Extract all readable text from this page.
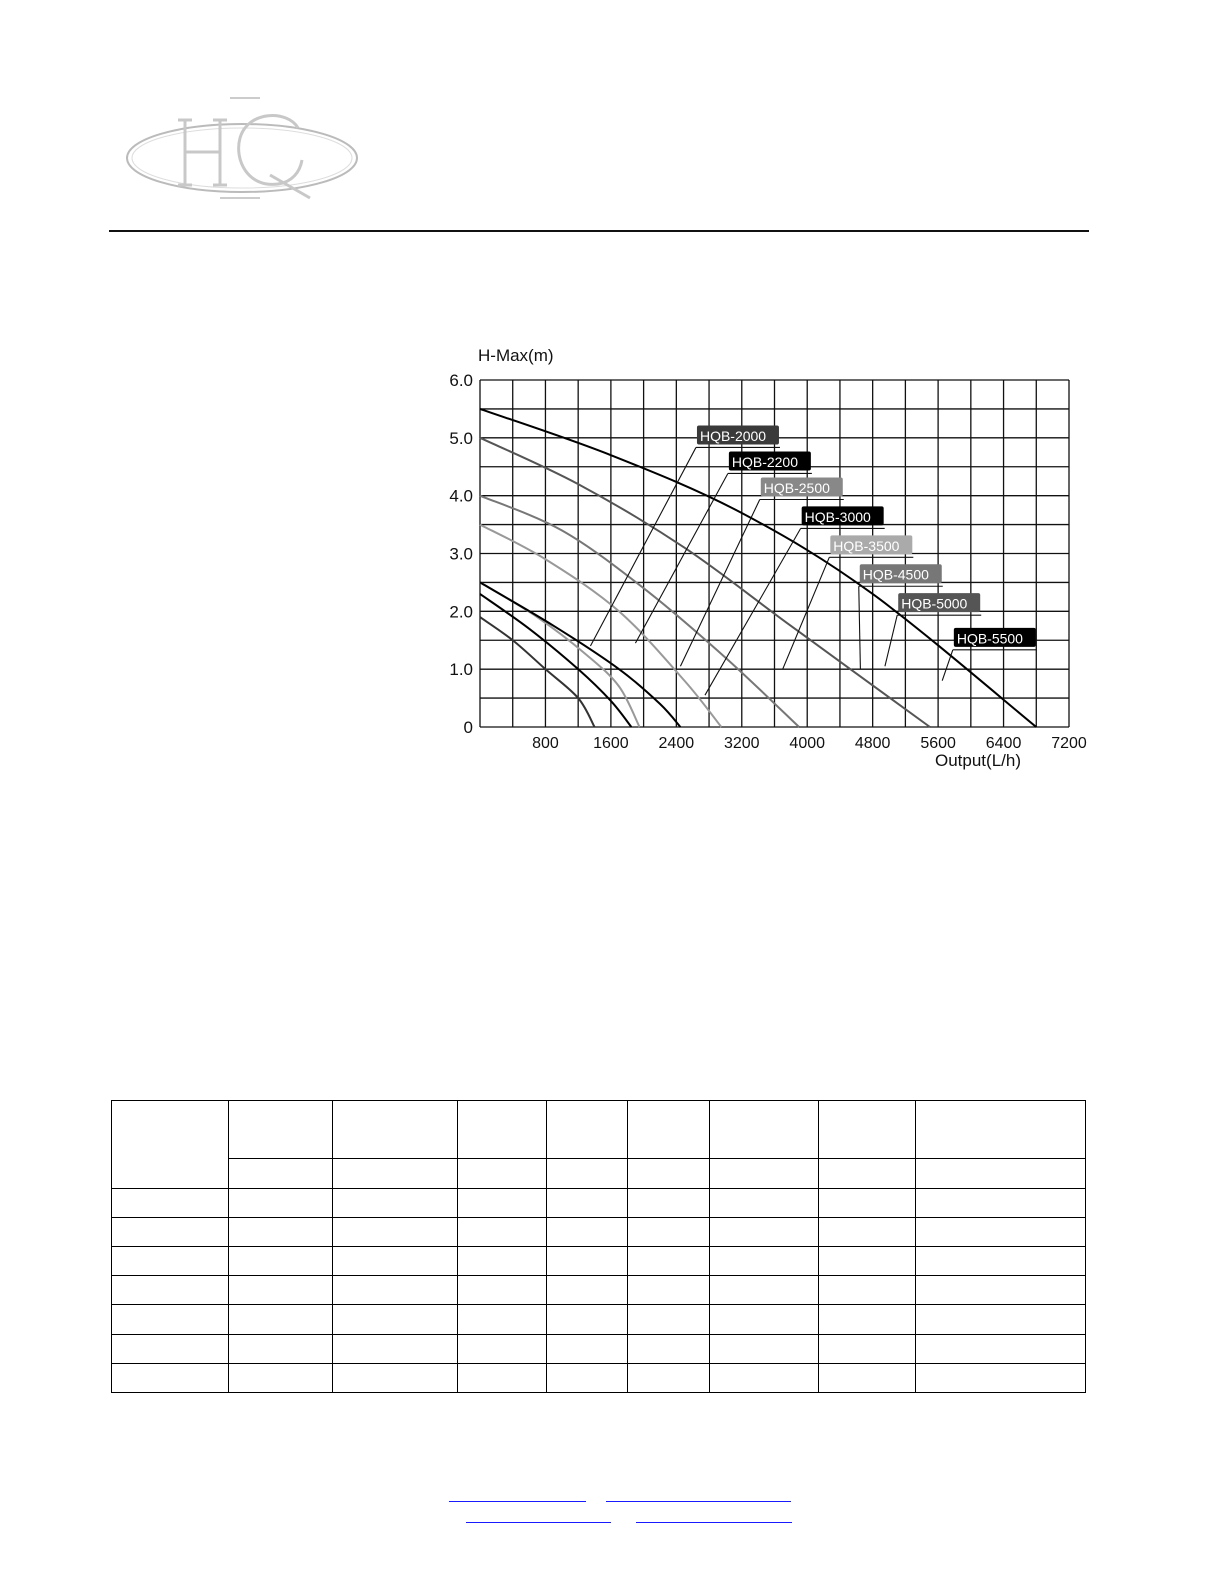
HQB-2000
HQB-2200
HQB-2500
HQB-3000
HQB-3500
HQB-4500
HQB-5000
HQB-5500
0
1.0
2.0
3.0
4.0
5.0
6.0
800 1600 2400 3200 4000 4800 5600 6400 7200
H-Max(m)
Output(L/h)
